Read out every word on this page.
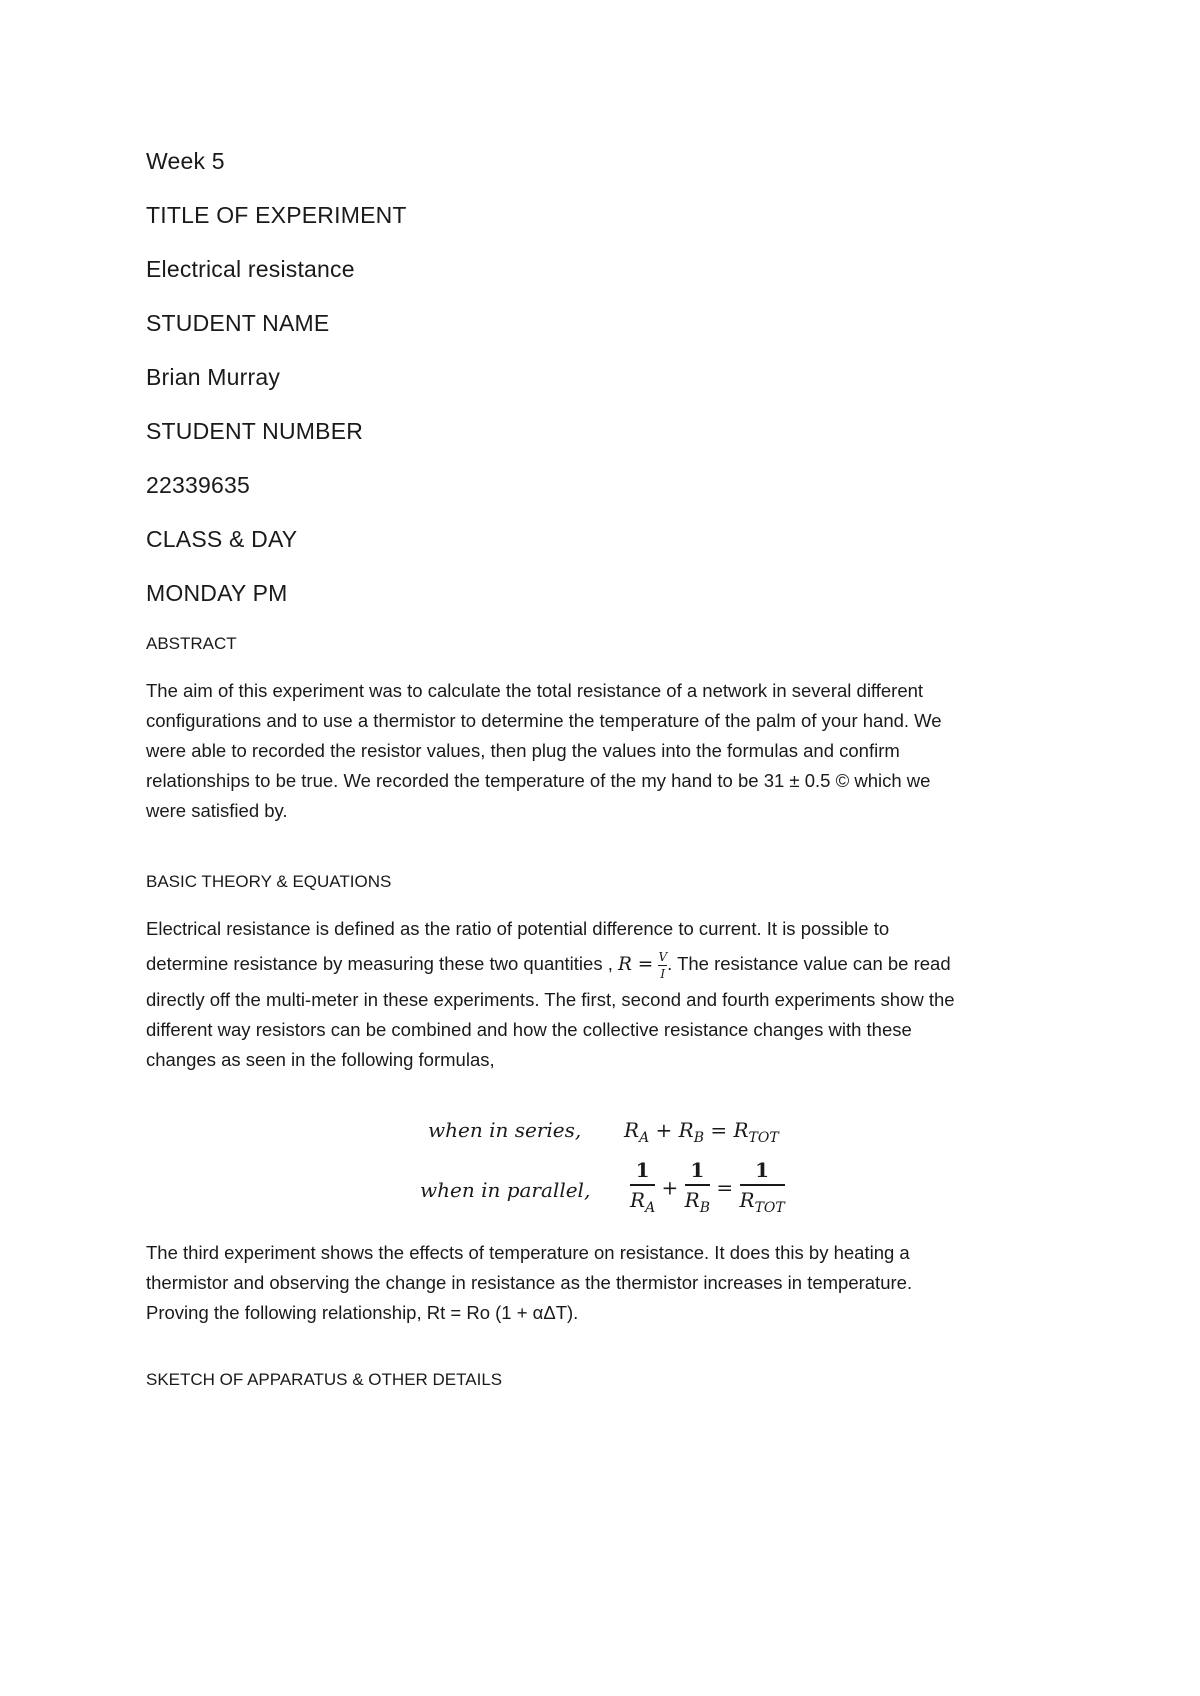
Week 5
TITLE OF EXPERIMENT
Electrical resistance
STUDENT NAME
Brian Murray
STUDENT NUMBER
22339635
CLASS & DAY
MONDAY PM
ABSTRACT
The aim of this experiment was to calculate the total resistance of a network in several different
configurations and to use a thermistor to determine the temperature of the palm of your hand. We
were able to recorded the resistor values, then plug the values into the formulas and confirm
relationships to be true. We recorded the temperature of the my hand to be 31 ± 0.5 © which we
were satisfied by.
BASIC THEORY & EQUATIONS
Electrical resistance is defined as the ratio of potential difference to current. It is possible to
determine resistance by measuring these two quantities , $R = \frac{V}{I}$ . The resistance value can be read
directly off the multi-meter in these experiments. The first, second and fourth experiments show the
different way resistors can be combined and how the collective resistance changes with these
changes as seen in the following formulas,
when in series, $R_A + R_B = R_{TOT}$
when in parallel, $\frac{1}{R_A} + \frac{1}{R_B} = \frac{1}{R_{TOT}}$
The third experiment shows the effects of temperature on resistance. It does this by heating a
thermistor and observing the change in resistance as the thermistor increases in temperature.
Proving the following relationship, Rt = Ro (1 + αΔT).
SKETCH OF APPARATUS & OTHER DETAILS
